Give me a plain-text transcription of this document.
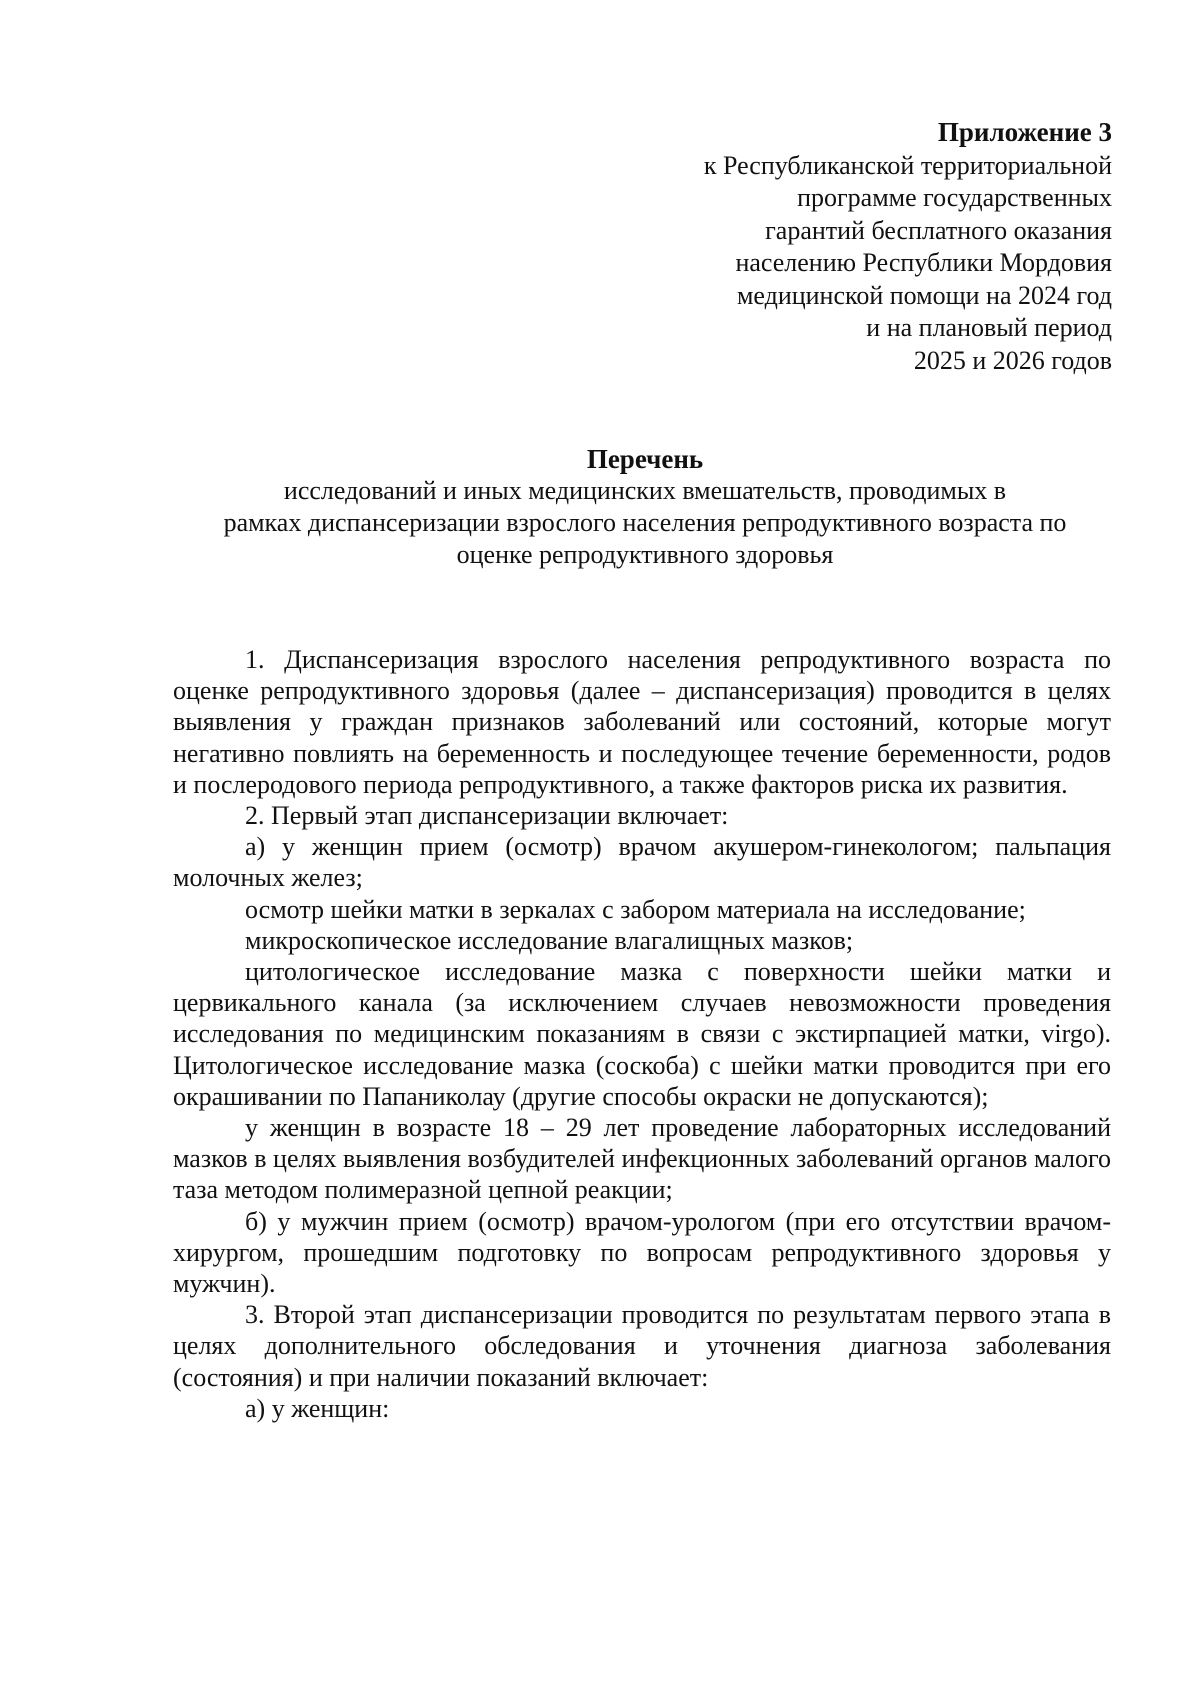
Приложение 3
к Республиканской территориальной
программе государственных
гарантий бесплатного оказания
населению Республики Мордовия
медицинской помощи на 2024 год
и на плановый период
2025 и 2026 годов
Перечень
исследований и иных медицинских вмешательств, проводимых в
рамках диспансеризации взрослого населения репродуктивного возраста по
оценке репродуктивного здоровья

1. Диспансеризация взрослого населения репродуктивного возраста по оценке репродуктивного здоровья (далее – диспансеризация) проводится в целях выявления у граждан признаков заболеваний или состояний, которые могут негативно повлиять на беременность и последующее течение беременности, родов и послеродового периода репродуктивного, а также факторов риска их развития.

2. Первый этап диспансеризации включает:

а) у женщин прием (осмотр) врачом акушером-гинекологом; пальпация молочных желез;

осмотр шейки матки в зеркалах с забором материала на исследование;

микроскопическое исследование влагалищных мазков;

цитологическое исследование мазка с поверхности шейки матки и цервикального канала (за исключением случаев невозможности проведения исследования по медицинским показаниям в связи с экстирпацией матки, virgo). Цитологическое исследование мазка (соскоба) с шейки матки проводится при его окрашивании по Папаниколау (другие способы окраски не допускаются);

у женщин в возрасте 18 – 29 лет проведение лабораторных исследований мазков в целях выявления возбудителей инфекционных заболеваний органов малого таза методом полимеразной цепной реакции;

б) у мужчин прием (осмотр) врачом-урологом (при его отсутствии врачом-хирургом, прошедшим подготовку по вопросам репродуктивного здоровья у мужчин).

3. Второй этап диспансеризации проводится по результатам первого этапа в целях дополнительного обследования и уточнения диагноза заболевания (состояния) и при наличии показаний включает:

а) у женщин:
